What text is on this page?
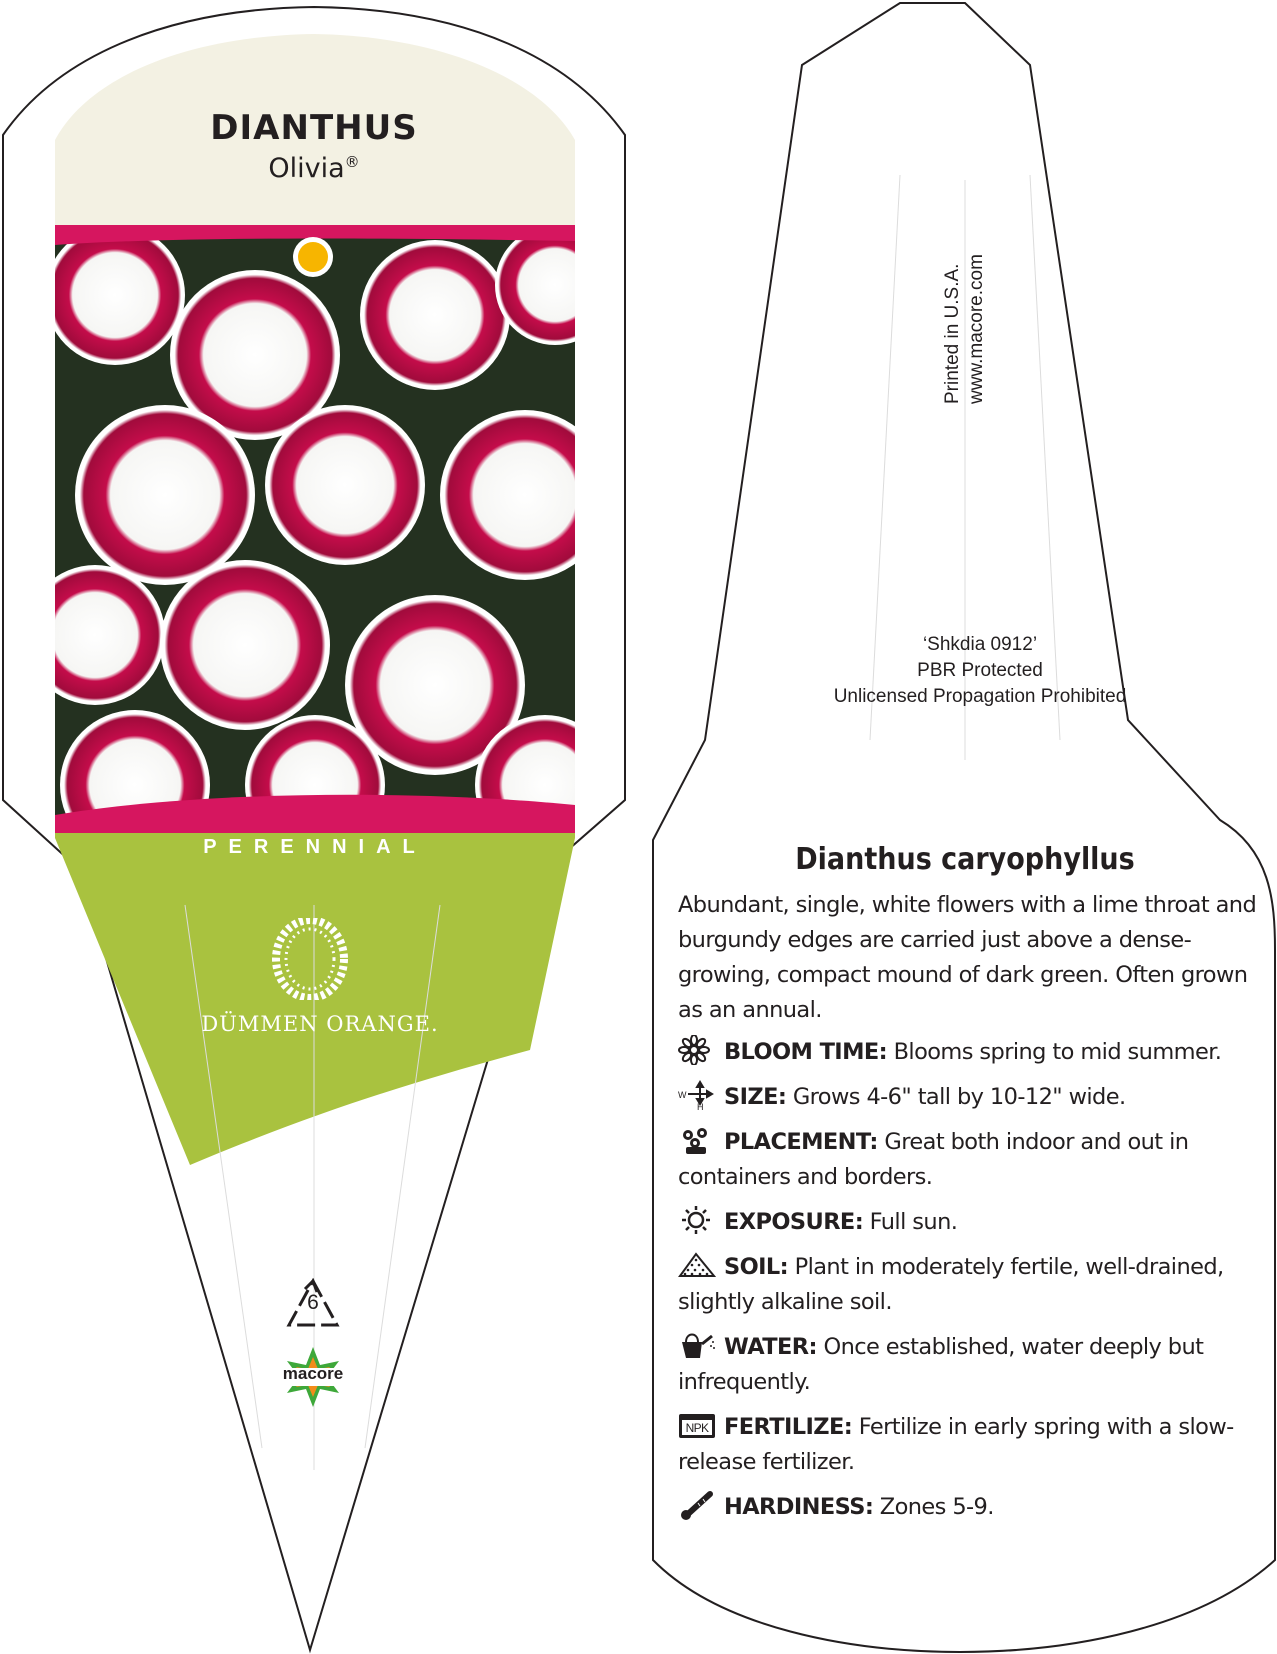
DIANTHUS
Olivia®
PERENNIAL
DÜMMEN ORANGE.
6
macore
Printed in U.S.A. www.macore.com
‘Shkdia 0912’
PBR Protected
Unlicensed Propagation Prohibited
Dianthus caryophyllus
Abundant, single, white flowers with a lime throat and burgundy edges are carried just above a dense-growing, compact mound of dark green. Often grown as an annual.
BLOOM TIME: Blooms spring to mid summer.
W
H SIZE: Grows 4-6" tall by 10-12" wide.
PLACEMENT: Great both indoor and out in containers and borders.
EXPOSURE: Full sun.
SOIL: Plant in moderately fertile, well-drained, slightly alkaline soil.
WATER: Once established, water deeply but infrequently.
NPK FERTILIZE: Fertilize in early spring with a slow-release fertilizer.
HARDINESS: Zones 5-9.
